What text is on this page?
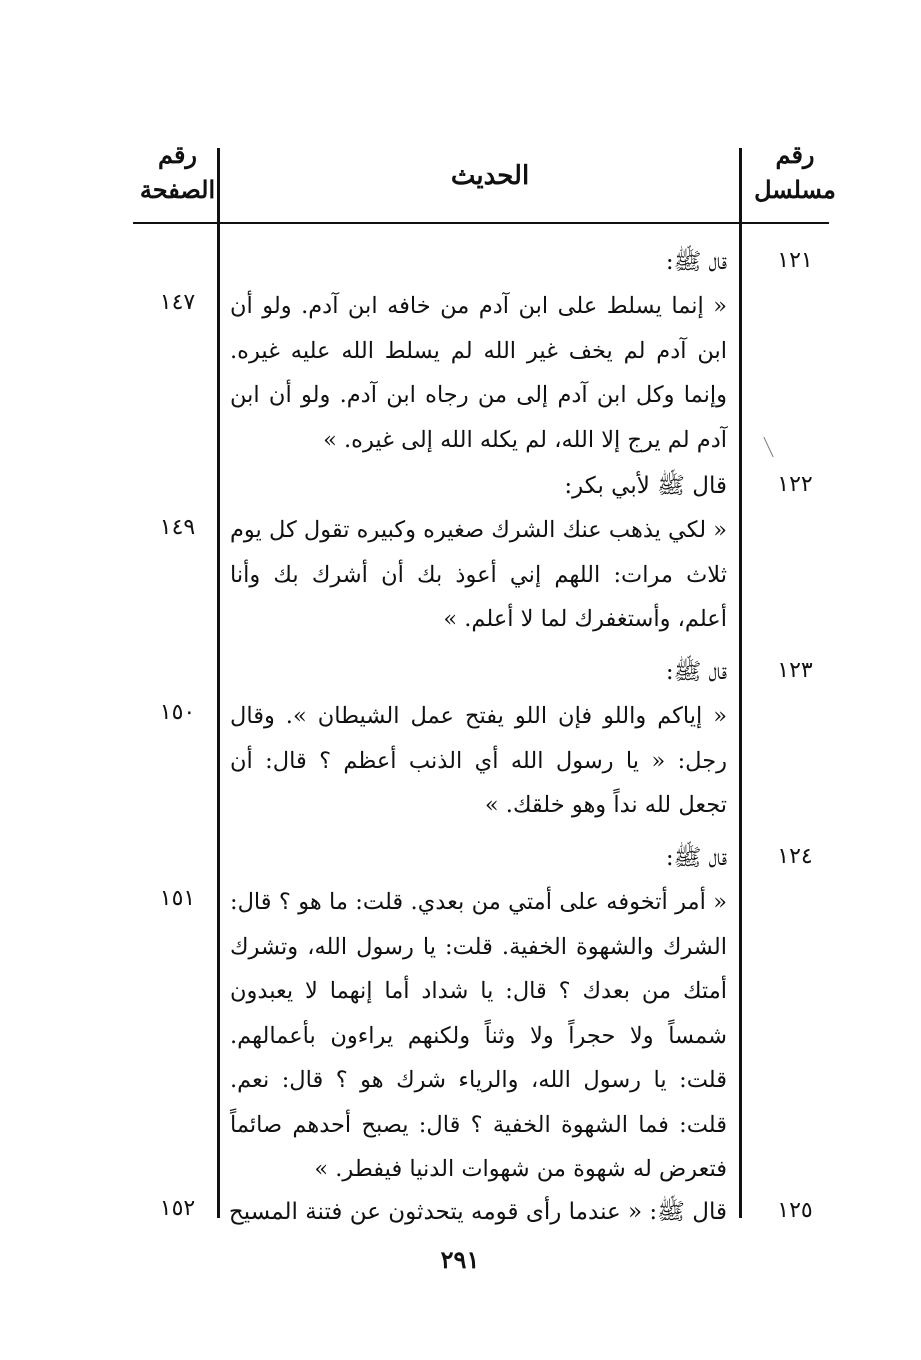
رقم
مسلسل
الحديث
رقم
الصفحة
١٢١
١٤٧
قال ﷺ:
« إنما يسلط على ابن آدم من خافه ابن آدم. ولو أن ابن آدم لم يخف غير الله لم يسلط الله عليه غيره. وإنما وكل ابن آدم إلى من رجاه ابن آدم. ولو أن ابن آدم لم يرج إلا الله، لم يكله الله إلى غيره. »
١٢٢
١٤٩
قال ﷺ لأبي بكر:
« لكي يذهب عنك الشرك صغيره وكبيره تقول كل يوم ثلاث مرات: اللهم إني أعوذ بك أن أشرك بك وأنا أعلم، وأستغفرك لما لا أعلم. »
١٢٣
١٥٠
قال ﷺ:
« إياكم واللو فإن اللو يفتح عمل الشيطان ». وقال رجل: « يا رسول الله أي الذنب أعظم ؟ قال: أن تجعل لله نداً وهو خلقك. »
١٢٤
١٥١
قال ﷺ:
« أمر أتخوفه على أمتي من بعدي. قلت: ما هو ؟ قال: الشرك والشهوة الخفية. قلت: يا رسول الله، وتشرك أمتك من بعدك ؟ قال: يا شداد أما إنهما لا يعبدون شمساً ولا حجراً ولا وثناً ولكنهم يراءون بأعمالهم. قلت: يا رسول الله، والرياء شرك هو ؟ قال: نعم. قلت: فما الشهوة الخفية ؟ قال: يصبح أحدهم صائماً فتعرض له شهوة من شهوات الدنيا فيفطر. »
١٢٥
١٥٢	قال ﷺ: « عندما رأى قومه يتحدثون عن فتنة المسيح
٢٩١
